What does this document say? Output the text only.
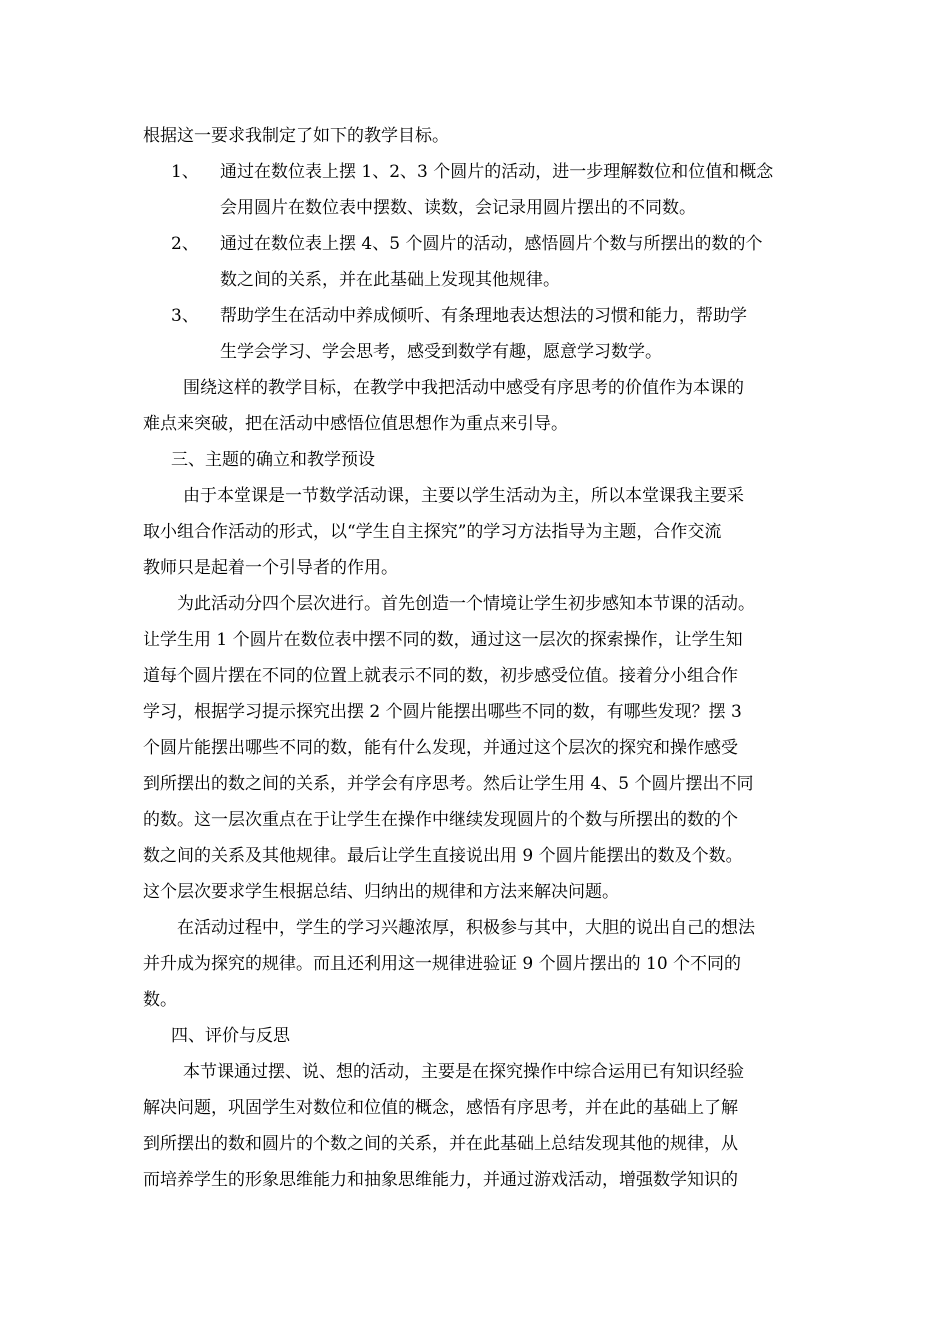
根据这一要求我制定了如下的教学目标。
1、	通过在数位表上摆 1、2、3 个圆片的活动，进一步理解数位和位值和概念
会用圆片在数位表中摆数、读数，会记录用圆片摆出的不同数。
2、	通过在数位表上摆 4、5 个圆片的活动，感悟圆片个数与所摆出的数的个
数之间的关系，并在此基础上发现其他规律。
3、	帮助学生在活动中养成倾听、有条理地表达想法的习惯和能力，帮助学
生学会学习、学会思考，感受到数学有趣，愿意学习数学。
围绕这样的教学目标，在教学中我把活动中感受有序思考的价值作为本课的
难点来突破，把在活动中感悟位值思想作为重点来引导。
三、主题的确立和教学预设
由于本堂课是一节数学活动课，主要以学生活动为主，所以本堂课我主要采
取小组合作活动的形式，以“学生自主探究”的学习方法指导为主题，合作交流
教师只是起着一个引导者的作用。
为此活动分四个层次进行。首先创造一个情境让学生初步感知本节课的活动。
让学生用 1 个圆片在数位表中摆不同的数，通过这一层次的探索操作，让学生知
道每个圆片摆在不同的位置上就表示不同的数，初步感受位值。接着分小组合作
学习，根据学习提示探究出摆 2 个圆片能摆出哪些不同的数，有哪些发现？摆 3
个圆片能摆出哪些不同的数，能有什么发现，并通过这个层次的探究和操作感受
到所摆出的数之间的关系，并学会有序思考。然后让学生用 4、5 个圆片摆出不同
的数。这一层次重点在于让学生在操作中继续发现圆片的个数与所摆出的数的个
数之间的关系及其他规律。最后让学生直接说出用 9 个圆片能摆出的数及个数。
这个层次要求学生根据总结、归纳出的规律和方法来解决问题。
在活动过程中，学生的学习兴趣浓厚，积极参与其中，大胆的说出自己的想法
并升成为探究的规律。而且还利用这一规律进验证 9 个圆片摆出的 10 个不同的
数。
四、评价与反思
本节课通过摆、说、想的活动，主要是在探究操作中综合运用已有知识经验
解决问题，巩固学生对数位和位值的概念，感悟有序思考，并在此的基础上了解
到所摆出的数和圆片的个数之间的关系，并在此基础上总结发现其他的规律，从
而培养学生的形象思维能力和抽象思维能力，并通过游戏活动，增强数学知识的
